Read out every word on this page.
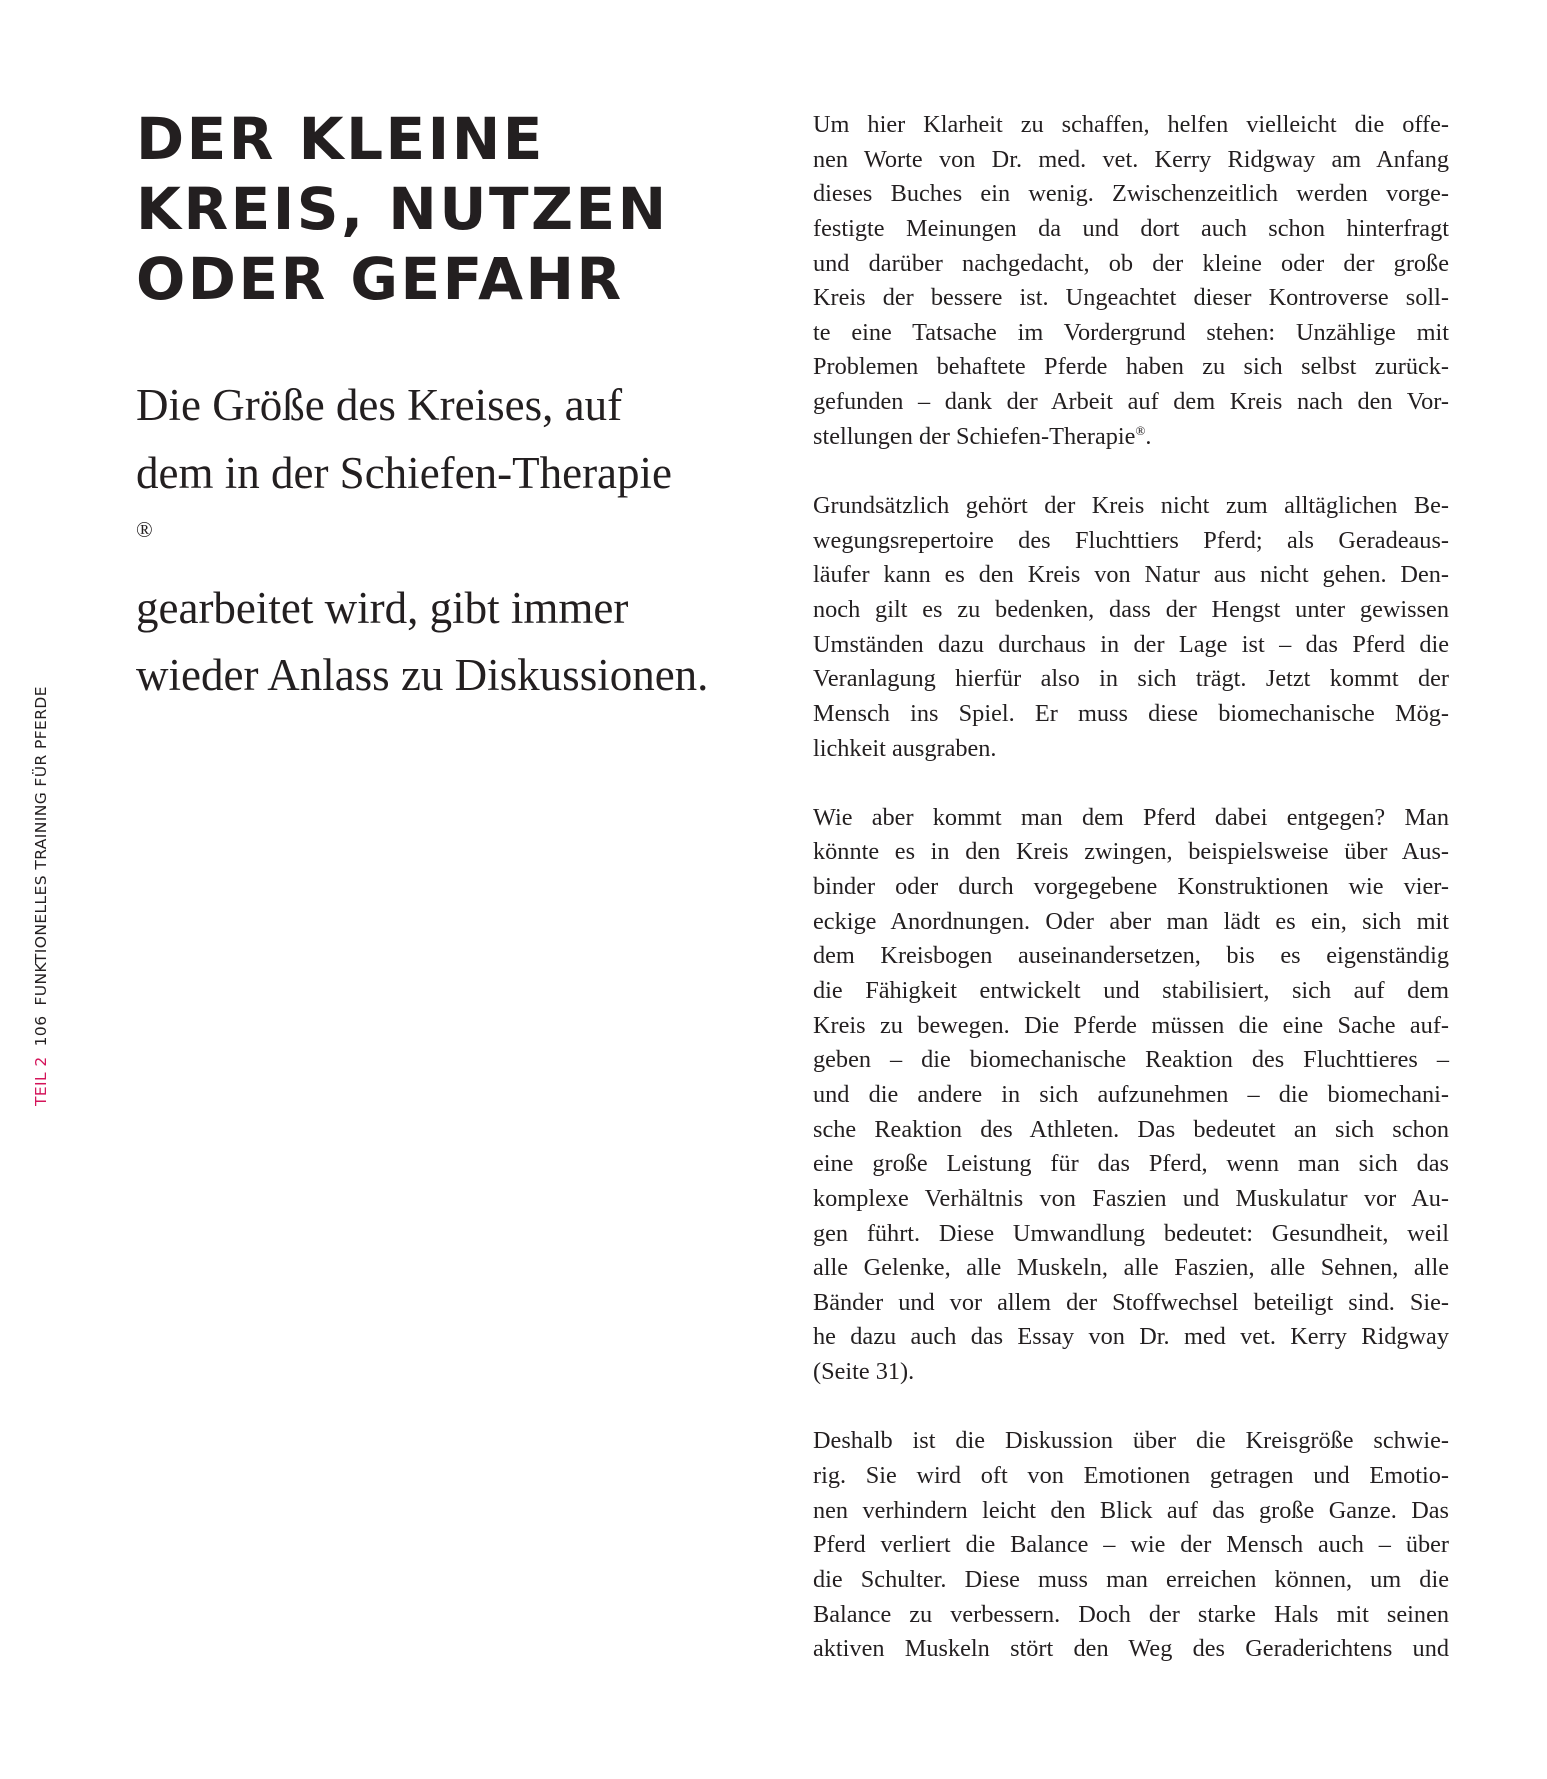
TEIL 2106FUNKTIONELLES TRAINING FÜR PFERDE
DER KLEINE
KREIS, NUTZEN
ODER GEFAHR

Die Größe des Kreises, auf
dem in der Schiefen-Therapie
®
gearbeitet wird, gibt immer
wieder Anlass zu Diskussionen.

Um hier Klarheit zu schaffen, helfen vielleicht die offe-
nen Worte von Dr. med. vet. Kerry Ridgway am Anfang
dieses Buches ein wenig. Zwischenzeitlich werden vorge-
festigte Meinungen da und dort auch schon hinterfragt
und darüber nachgedacht, ob der kleine oder der große
Kreis der bessere ist. Ungeachtet dieser Kontroverse soll-
te eine Tatsache im Vordergrund stehen: Unzählige mit
Problemen behaftete Pferde haben zu sich selbst zurück-
gefunden – dank der Arbeit auf dem Kreis nach den Vor-
stellungen der Schiefen-Therapie®.

Grundsätzlich gehört der Kreis nicht zum alltäglichen Be-
wegungsrepertoire des Fluchttiers Pferd; als Geradeaus-
läufer kann es den Kreis von Natur aus nicht gehen. Den-
noch gilt es zu bedenken, dass der Hengst unter gewissen
Umständen dazu durchaus in der Lage ist – das Pferd die
Veranlagung hierfür also in sich trägt. Jetzt kommt der
Mensch ins Spiel. Er muss diese biomechanische Mög-
lichkeit ausgraben.

Wie aber kommt man dem Pferd dabei entgegen? Man
könnte es in den Kreis zwingen, beispielsweise über Aus-
binder oder durch vorgegebene Konstruktionen wie vier-
eckige Anordnungen. Oder aber man lädt es ein, sich mit
dem Kreisbogen auseinandersetzen, bis es eigenständig
die Fähigkeit entwickelt und stabilisiert, sich auf dem
Kreis zu bewegen. Die Pferde müssen die eine Sache auf-
geben – die biomechanische Reaktion des Fluchttieres –
und die andere in sich aufzunehmen – die biomechani-
sche Reaktion des Athleten. Das bedeutet an sich schon
eine große Leistung für das Pferd, wenn man sich das
komplexe Verhältnis von Faszien und Muskulatur vor Au-
gen führt. Diese Umwandlung bedeutet: Gesundheit, weil
alle Gelenke, alle Muskeln, alle Faszien, alle Sehnen, alle
Bänder und vor allem der Stoffwechsel beteiligt sind. Sie-
he dazu auch das Essay von Dr. med vet. Kerry Ridgway
(Seite 31).

Deshalb ist die Diskussion über die Kreisgröße schwie-
rig. Sie wird oft von Emotionen getragen und Emotio-
nen verhindern leicht den Blick auf das große Ganze. Das
Pferd verliert die Balance – wie der Mensch auch – über
die Schulter. Diese muss man erreichen können, um die
Balance zu verbessern. Doch der starke Hals mit seinen
aktiven Muskeln stört den Weg des Geraderichtens und
